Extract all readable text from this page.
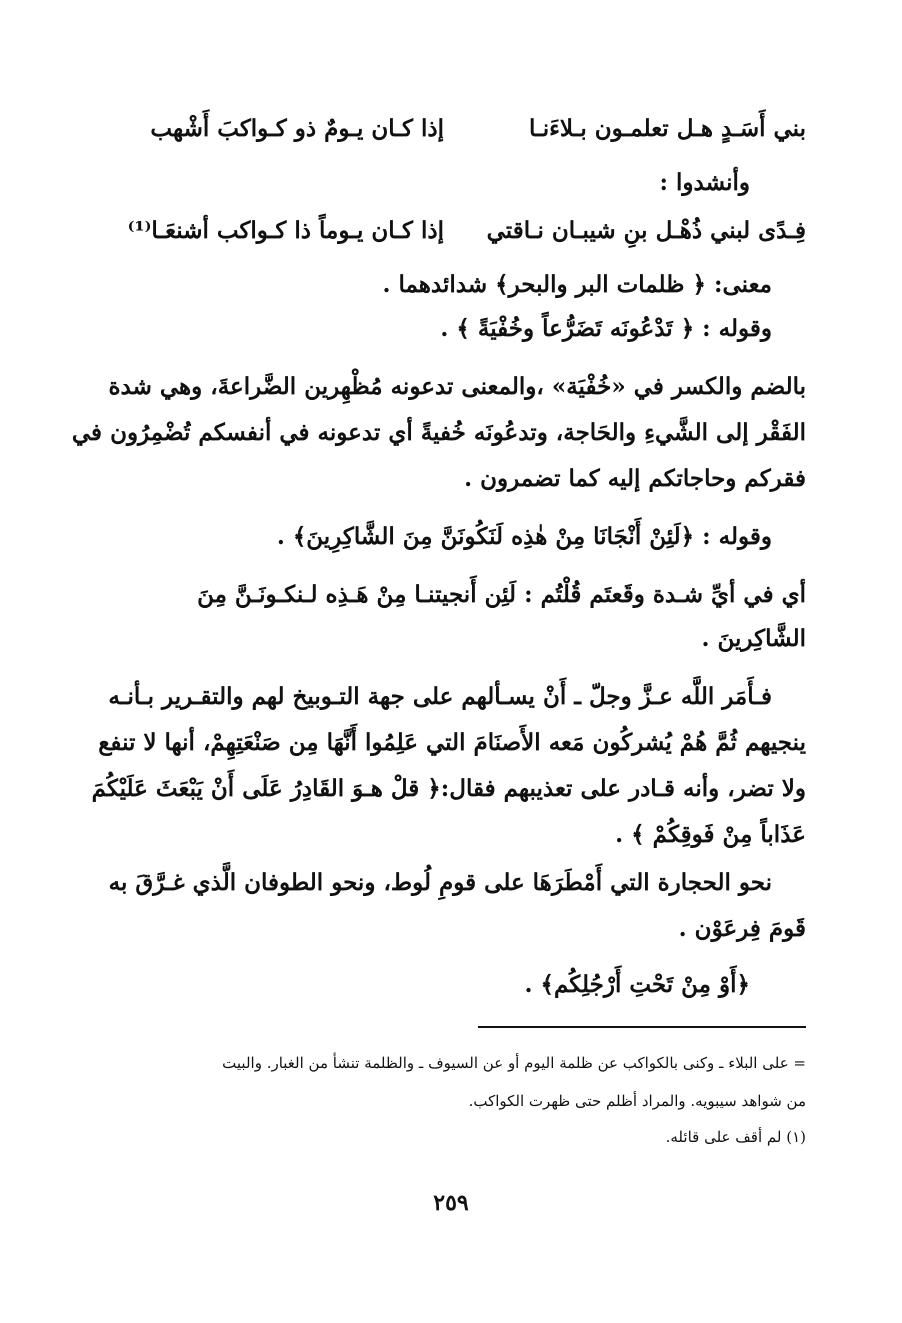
بني أَسَـدٍ هـل تعلمـون بـلاءَنـا
إذا كـان يـومٌ ذو كـواكبَ أَشْهب
وأنشدوا :
فِـدًى لبني ذُهْـل بنِ شيبـان نـاقتي
إذا كـان يـوماً ذا كـواكب أشنعَـا⁽¹⁾
معنى: ﴿ ظلمات البر والبحر﴾ شدائدهما .
وقوله : ﴿ تَدْعُونَه تَضَرُّعاً وخُفْيَةً ﴾ .
بالضم والكسر في «خُفْيَة» ،والمعنى تدعونه مُظْهِرين الضَّراعةَ، وهي شدة
الفَقْر إلى الشَّيءِ والحَاجة، وتدعُونَه خُفيةً أي تدعونه في أنفسكم تُضْمِرُون في
فقركم وحاجاتكم إليه كما تضمرون .
وقوله : ﴿لَئِنْ أَنْجَانَا مِنْ هٰذِه لَنَكُونَنَّ مِنَ الشَّاكِرِينَ﴾ .
أي في أيِّ شـدة وقَعتَم قُلْتُم : لَئِن أَنجيتنـا مِنْ هَـذِه لـنكـونَـنَّ مِنَ
الشَّاكِرينَ .
فـأَمَر اللَّه عـزَّ وجلّ ـ أَنْ يسـألهم على جهة التـوبيخ لهم والتقـرير بـأنـه
ينجيهم ثُمَّ هُمْ يُشركُون مَعه الأَصنَامَ التي عَلِمُوا أَنَّهَا مِن صَنْعَتِهِمْ، أنها لا تنفع
ولا تضر، وأنه قـادر على تعذيبهم فقال:﴿ قلْ هـوَ القَادِرُ عَلَى أَنْ يَبْعَثَ عَلَيْكُمَ
عَذَاباً مِنْ فَوقِكُمْ ﴾ .
نحو الحجارة التي أَمْطَرَهَا على قومِ لُوط، ونحو الطوفان الَّذي غـرَّقَ به
قَومَ فِرعَوْن .
﴿أَوْ مِنْ تَحْتِ أَرْجُلِكُم﴾ .
= على البلاء ـ وكنى بالكواكب عن ظلمة اليوم أو عن السيوف ـ والظلمة تنشأ من الغبار. والبيت
من شواهد سيبويه. والمراد أظلم حتى ظهرت الكواكب.
(١) لم أقف على قائله.
٢٥٩
